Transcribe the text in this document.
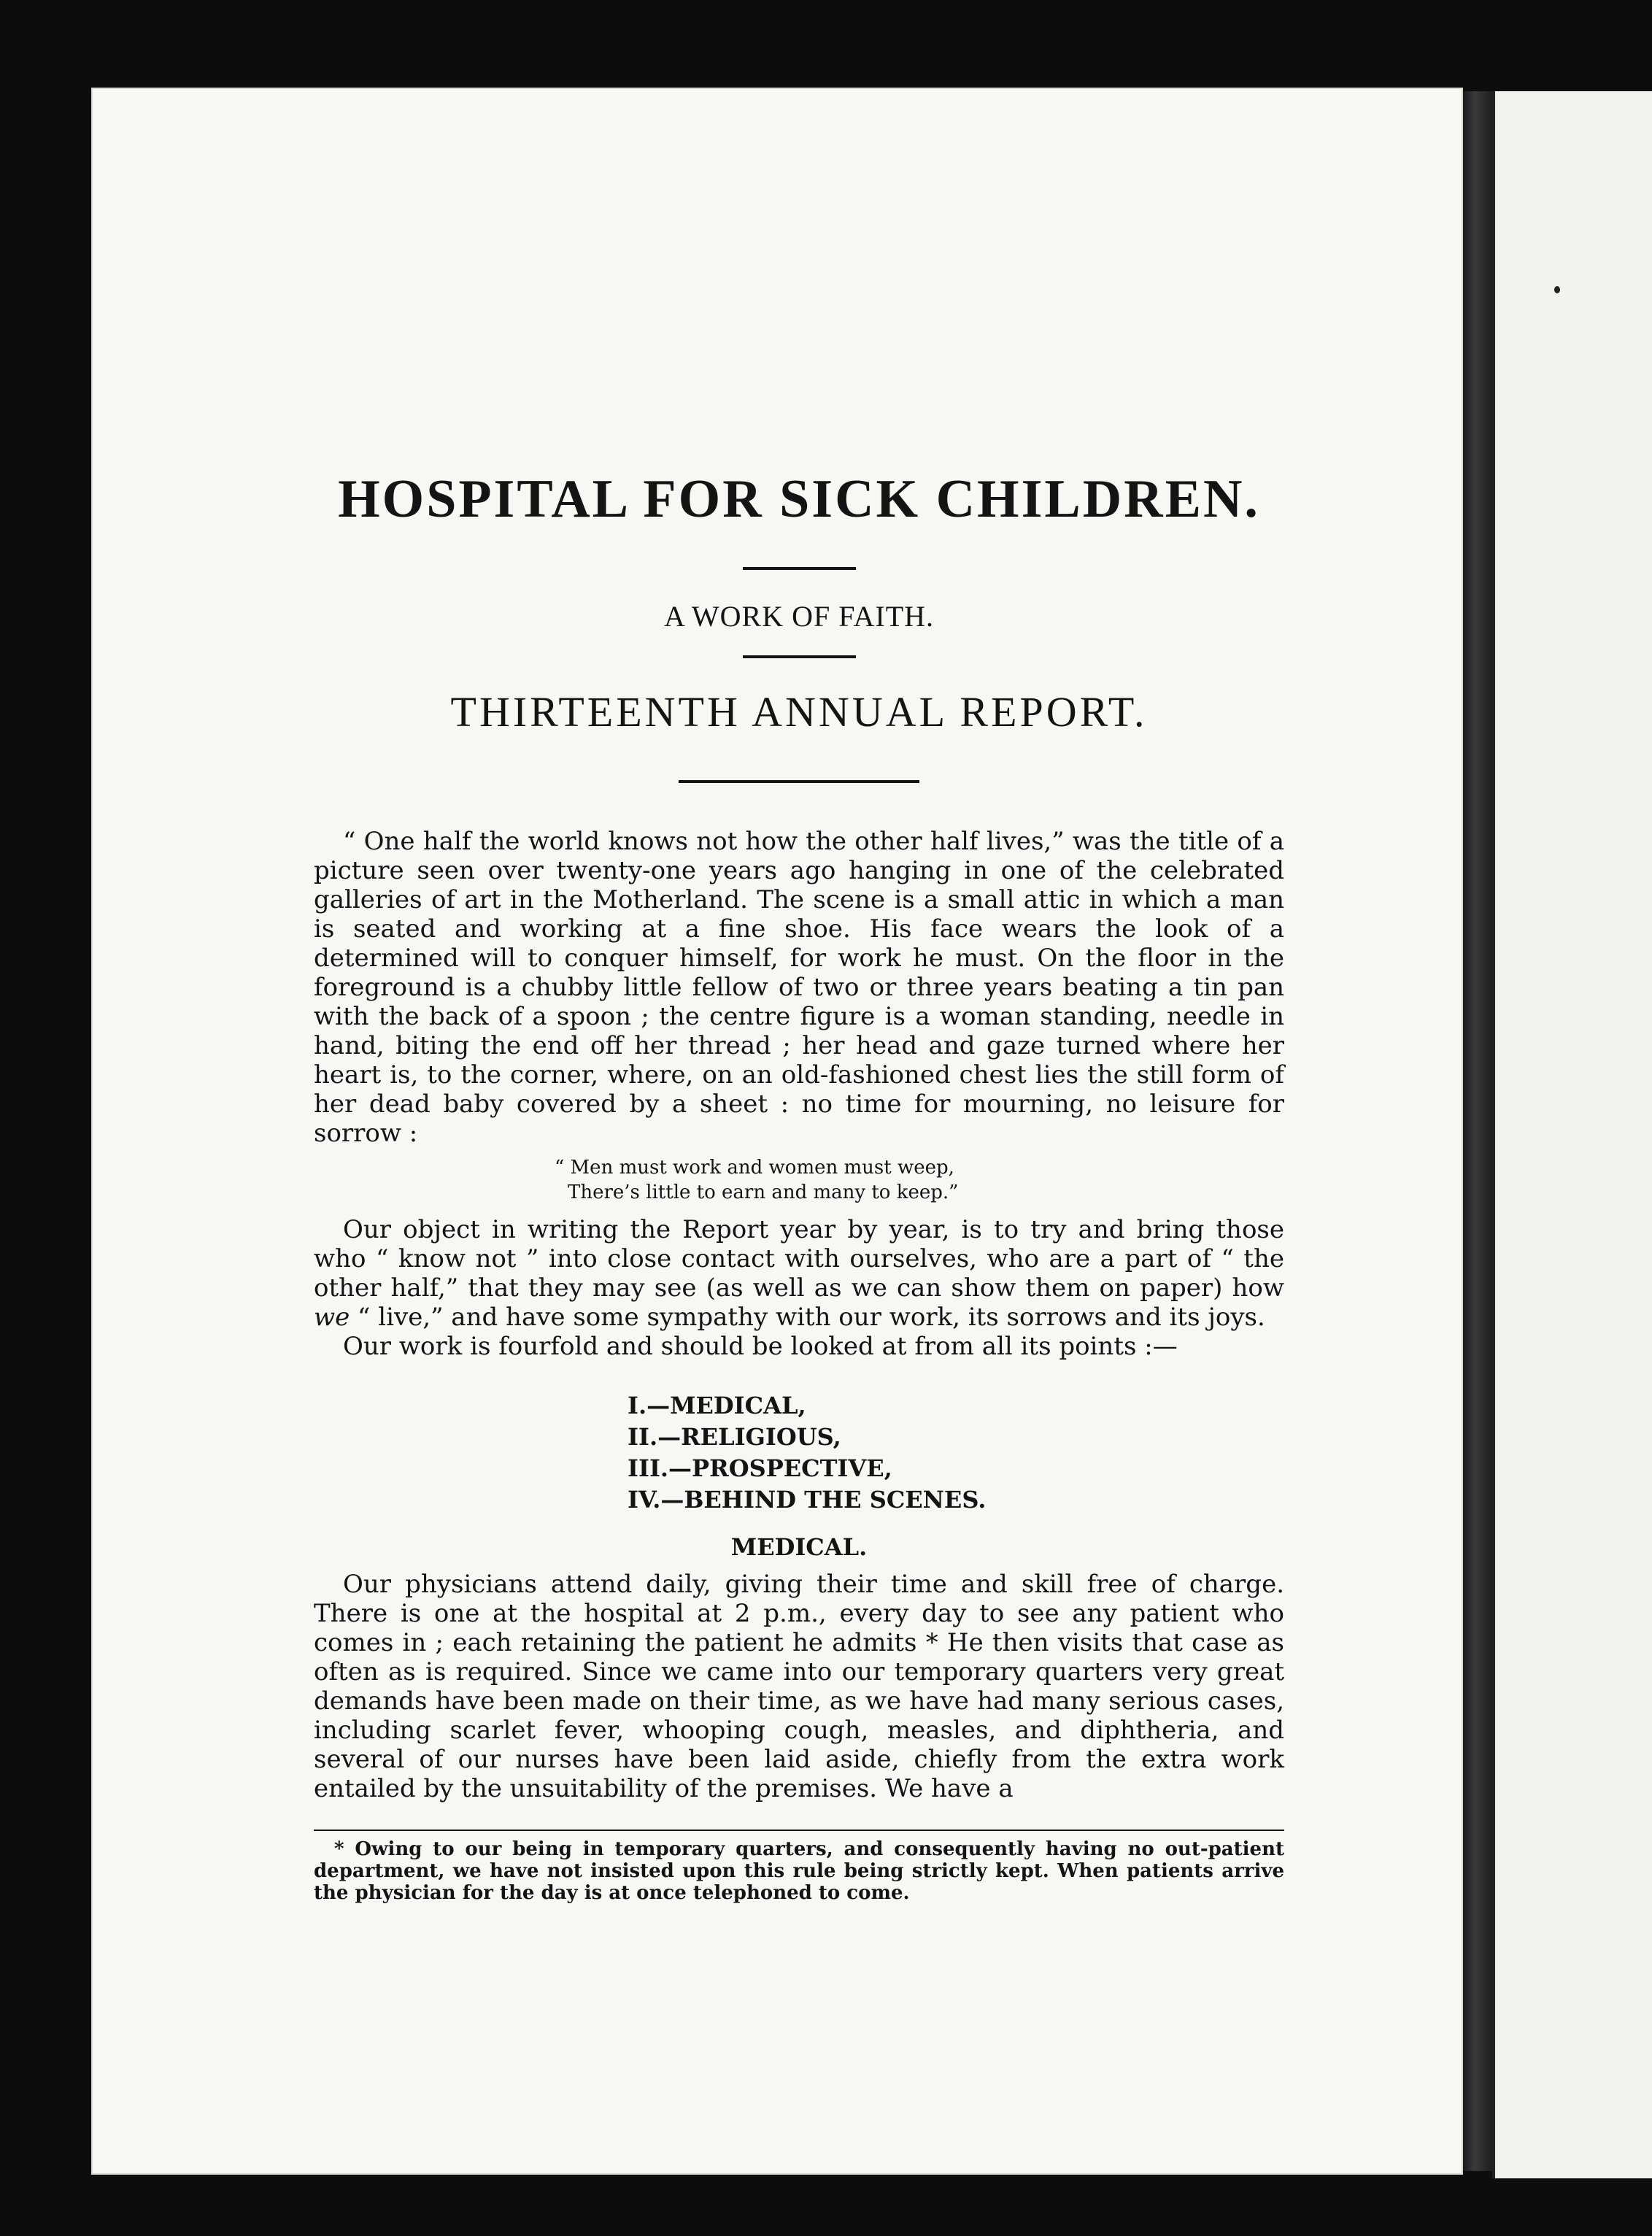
HOSPITAL FOR SICK CHILDREN.

A WORK OF FAITH.

THIRTEENTH ANNUAL REPORT.

“ One half the world knows not how the other half lives,” was the title of a picture seen over twenty-one years ago hanging in one of the celebrated galleries of art in the Motherland. The scene is a small attic in which a man is seated and working at a fine shoe. His face wears the look of a determined will to conquer himself, for work he must. On the floor in the foreground is a chubby little fellow of two or three years beating a tin pan with the back of a spoon ; the centre figure is a woman standing, needle in hand, biting the end off her thread ; her head and gaze turned where her heart is, to the corner, where, on an old-fashioned chest lies the still form of her dead baby covered by a sheet : no time for mourning, no leisure for sorrow :

“ Men must work and women must weep,
There’s little to earn and many to keep.”

Our object in writing the Report year by year, is to try and bring those who “ know not ” into close contact with ourselves, who are a part of “ the other half,” that they may see (as well as we can show them on paper) how we “ live,” and have some sympathy with our work, its sorrows and its joys.

Our work is fourfold and should be looked at from all its points :—

I.—MEDICAL,
II.—RELIGIOUS,
III.—PROSPECTIVE,
IV.—BEHIND THE SCENES.

MEDICAL.

Our physicians attend daily, giving their time and skill free of charge. There is one at the hospital at 2 p.m., every day to see any patient who comes in ; each retaining the patient he admits * He then visits that case as often as is required. Since we came into our temporary quarters very great demands have been made on their time, as we have had many serious cases, including scarlet fever, whooping cough, measles, and diphtheria, and several of our nurses have been laid aside, chiefly from the extra work entailed by the unsuitability of the premises. We have a

* Owing to our being in temporary quarters, and consequently having no out-patient department, we have not insisted upon this rule being strictly kept. When patients arrive the physician for the day is at once telephoned to come.
